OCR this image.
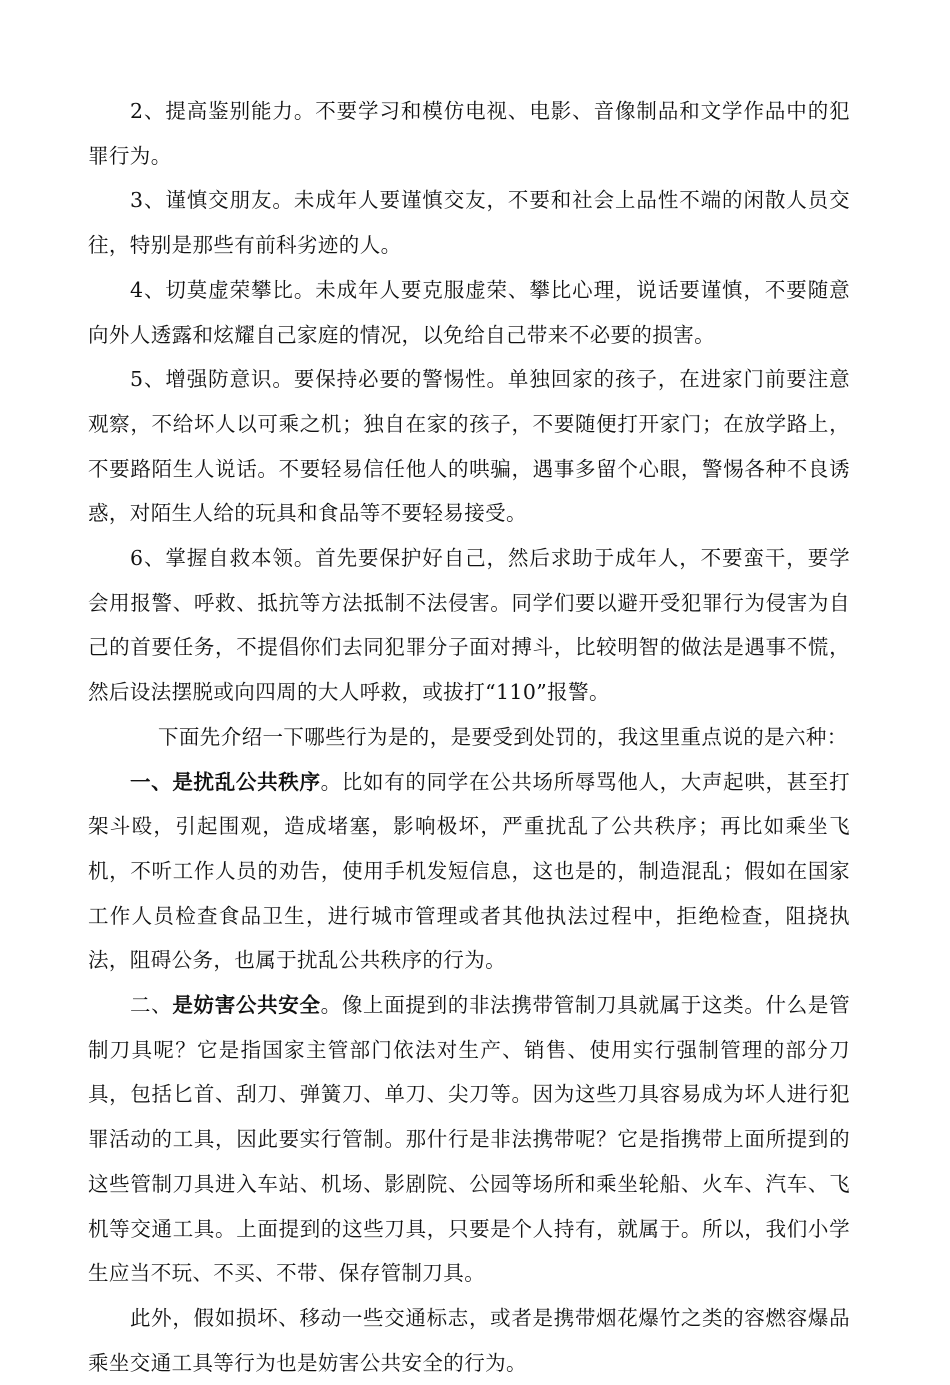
2、提高鉴别能力。不要学习和模仿电视、电影、音像制品和文学作品中的犯罪行为。

3、谨慎交朋友。未成年人要谨慎交友，不要和社会上品性不端的闲散人员交往，特别是那些有前科劣迹的人。

4、切莫虚荣攀比。未成年人要克服虚荣、攀比心理，说话要谨慎，不要随意向外人透露和炫耀自己家庭的情况，以免给自己带来不必要的损害。

5、增强防意识。要保持必要的警惕性。单独回家的孩子，在进家门前要注意观察，不给坏人以可乘之机；独自在家的孩子，不要随便打开家门；在放学路上，不要路陌生人说话。不要轻易信任他人的哄骗，遇事多留个心眼，警惕各种不良诱惑，对陌生人给的玩具和食品等不要轻易接受。

6、掌握自救本领。首先要保护好自己，然后求助于成年人，不要蛮干，要学会用报警、呼救、抵抗等方法抵制不法侵害。同学们要以避开受犯罪行为侵害为自己的首要任务，不提倡你们去同犯罪分子面对搏斗，比较明智的做法是遇事不慌，然后设法摆脱或向四周的大人呼救，或拔打“110”报警。

下面先介绍一下哪些行为是的，是要受到处罚的，我这里重点说的是六种：

一、是扰乱公共秩序。比如有的同学在公共场所辱骂他人，大声起哄，甚至打架斗殴，引起围观，造成堵塞，影响极坏，严重扰乱了公共秩序；再比如乘坐飞机，不听工作人员的劝告，使用手机发短信息，这也是的，制造混乱；假如在国家工作人员检查食品卫生，进行城市管理或者其他执法过程中，拒绝检查，阻挠执法，阻碍公务，也属于扰乱公共秩序的行为。

二、是妨害公共安全。像上面提到的非法携带管制刀具就属于这类。什么是管制刀具呢？它是指国家主管部门依法对生产、销售、使用实行强制管理的部分刀具，包括匕首、刮刀、弹簧刀、单刀、尖刀等。因为这些刀具容易成为坏人进行犯罪活动的工具，因此要实行管制。那什行是非法携带呢？它是指携带上面所提到的这些管制刀具进入车站、机场、影剧院、公园等场所和乘坐轮船、火车、汽车、飞机等交通工具。上面提到的这些刀具，只要是个人持有，就属于。所以，我们小学生应当不玩、不买、不带、保存管制刀具。

此外，假如损坏、移动一些交通标志，或者是携带烟花爆竹之类的容燃容爆品乘坐交通工具等行为也是妨害公共安全的行为。
